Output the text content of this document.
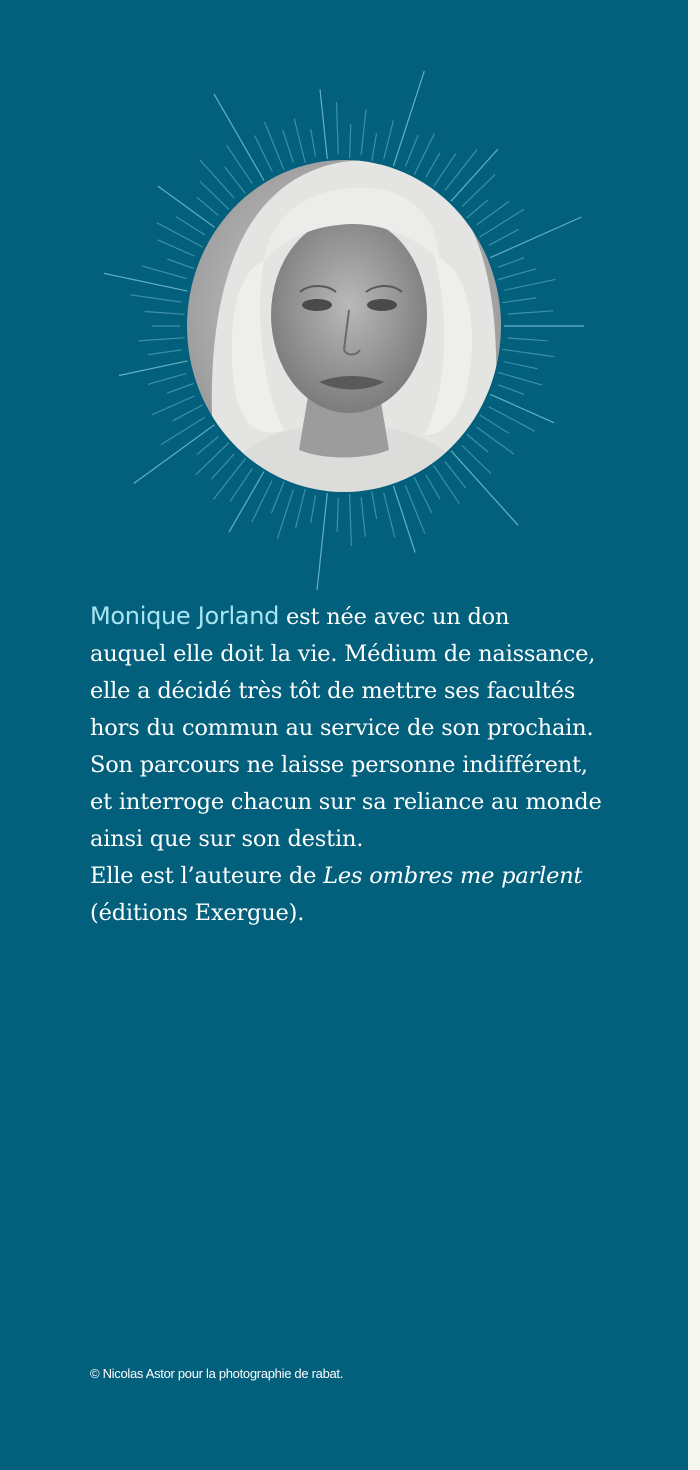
Monique Jorland est née avec un don

auquel elle doit la vie. Médium de naissance,

elle a décidé très tôt de mettre ses facultés

hors du commun au service de son prochain.

Son parcours ne laisse personne indifférent,

et interroge chacun sur sa reliance au monde

ainsi que sur son destin.

Elle est l’auteure de Les ombres me parlent

(éditions Exergue).

© Nicolas Astor pour la photographie de rabat.
